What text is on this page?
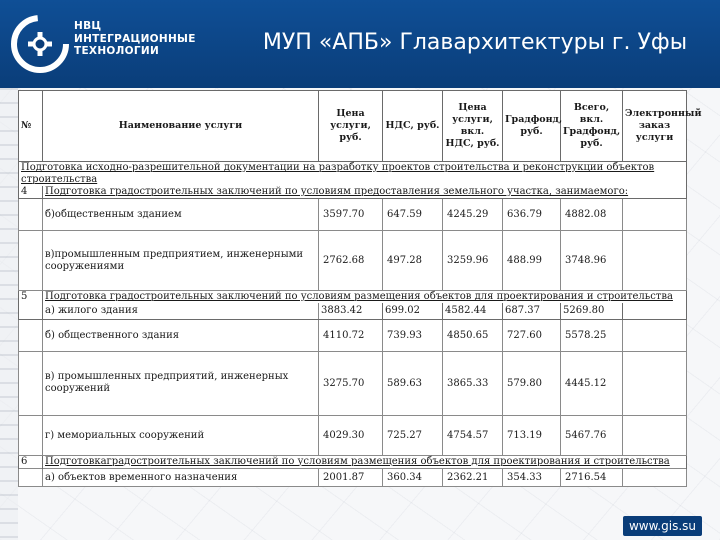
НВЦ
ИНТЕГРАЦИОННЫЕ
ТЕХНОЛОГИИ	МУП «АПБ» Главархитектуры г. Уфы
№	Наименование услуги	Цена услуги, руб.	НДС, руб.	Цена услуги, вкл. НДС, руб.	Градфонд, руб.	Всего, вкл. Градфонд, руб.	Электронный заказ услуги
Подготовка исходно-разрешительной документации на разработку проектов строительства и реконструкции объектов строительства							
4	Подготовка градостроительных заключений по условиям предоставления земельного участка, занимаемого:						
	б)общественным зданием	3597.70	647.59	4245.29	636.79	4882.08	
	в)промышленным предприятием, инженерными сооружениями	2762.68	497.28	3259.96	488.99	3748.96	
5	Подготовка градостроительных заключений по условиям размещения объектов для проектирования и строительства						
	а) жилого здания	3883.42	699.02	4582.44	687.37	5269.80	
	б) общественного здания	4110.72	739.93	4850.65	727.60	5578.25	
	в) промышленных предприятий, инженерных сооружений	3275.70	589.63	3865.33	579.80	4445.12	
	г) мемориальных сооружений	4029.30	725.27	4754.57	713.19	5467.76	
6	Подготовкаградостроительных заключений по условиям размещения объектов для проектирования и строительства						
	а) объектов временного назначения	2001.87	360.34	2362.21	354.33	2716.54	
www.gis.su
